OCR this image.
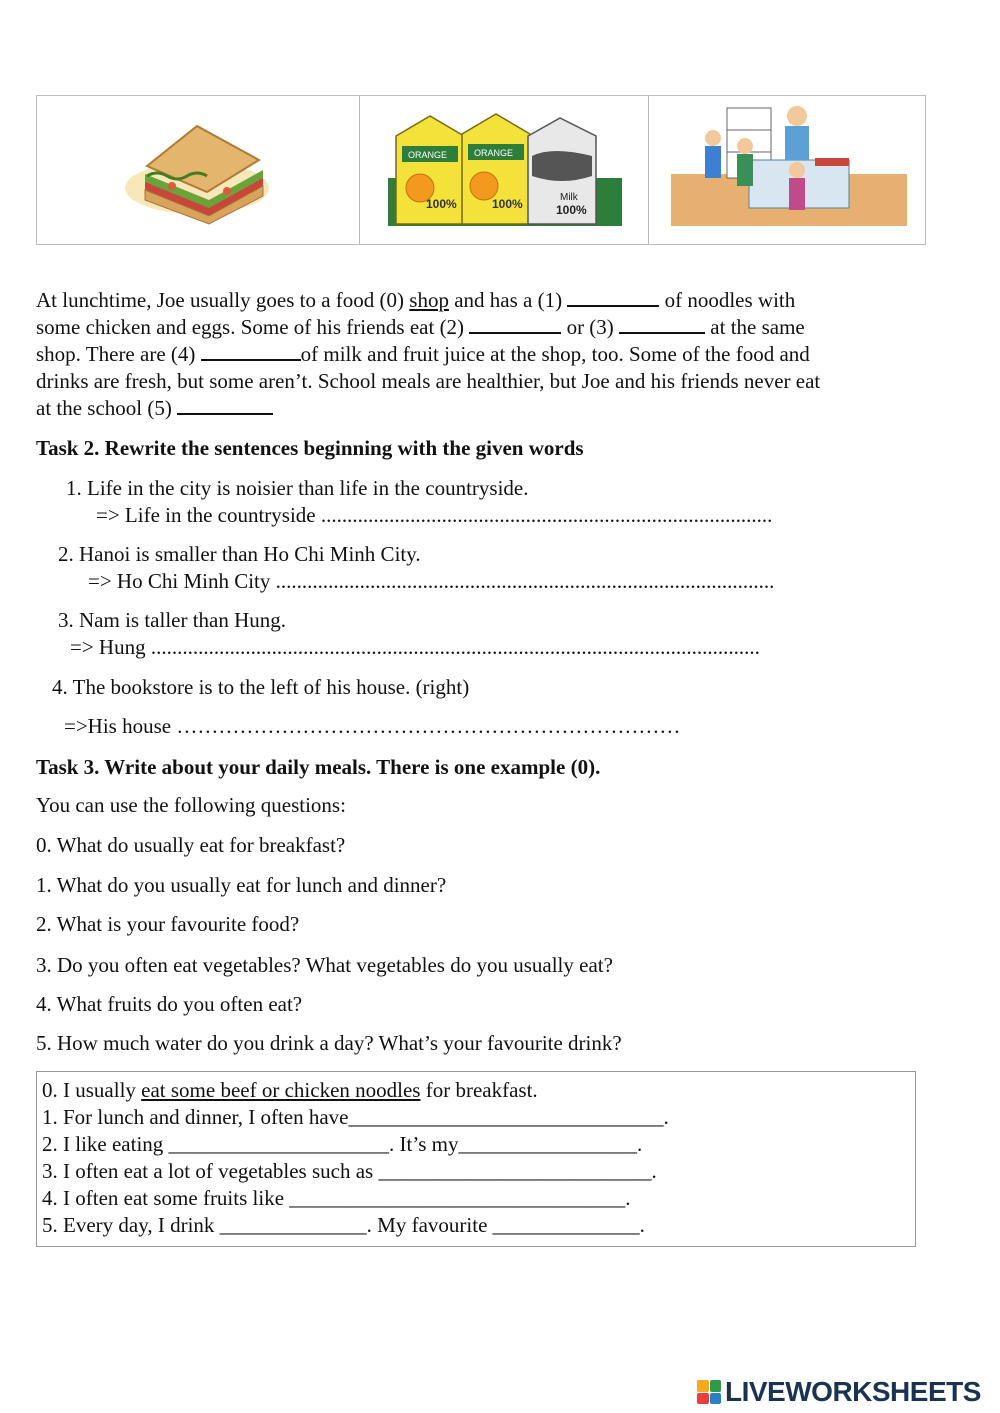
ORANGE
100%
ORANGE
100%	Milk
100%
At lunchtime, Joe usually goes to a food (0) shop and has a (1)	of noodles with
some chicken and eggs. Some of his friends eat (2)	or (3)	at the same
shop. There are (4)	of milk and fruit juice at the shop, too. Some of the food and
drinks are fresh, but some aren’t. School meals are healthier, but Joe and his friends never eat
at the school (5)
Task 2. Rewrite the sentences beginning with the given words
1. Life in the city is noisier than life in the countryside.
=> Life in the countryside ......................................................................................
2. Hanoi is smaller than Ho Chi Minh City.
=> Ho Chi Minh City ...............................................................................................
3. Nam is taller than Hung.
=> Hung ....................................................................................................................
4. The bookstore is to the left of his house. (right)
=>His house ………………………………………………………………
Task 3. Write about your daily meals. There is one example (0).
You can use the following questions:
0. What do usually eat for breakfast?
1. What do you usually eat for lunch and dinner?
2. What is your favourite food?
3. Do you often eat vegetables? What vegetables do you usually eat?
4. What fruits do you often eat?
5. How much water do you drink a day? What’s your favourite drink?
0. I usually eat some beef or chicken noodles for breakfast.
1. For lunch and dinner, I often have______________________________.
2. I like eating _____________________. It’s my_________________.
3. I often eat a lot of vegetables such as __________________________.
4. I often eat some fruits like ________________________________.
5. Every day, I drink ______________. My favourite ______________.
LIVEWORKSHEETS
